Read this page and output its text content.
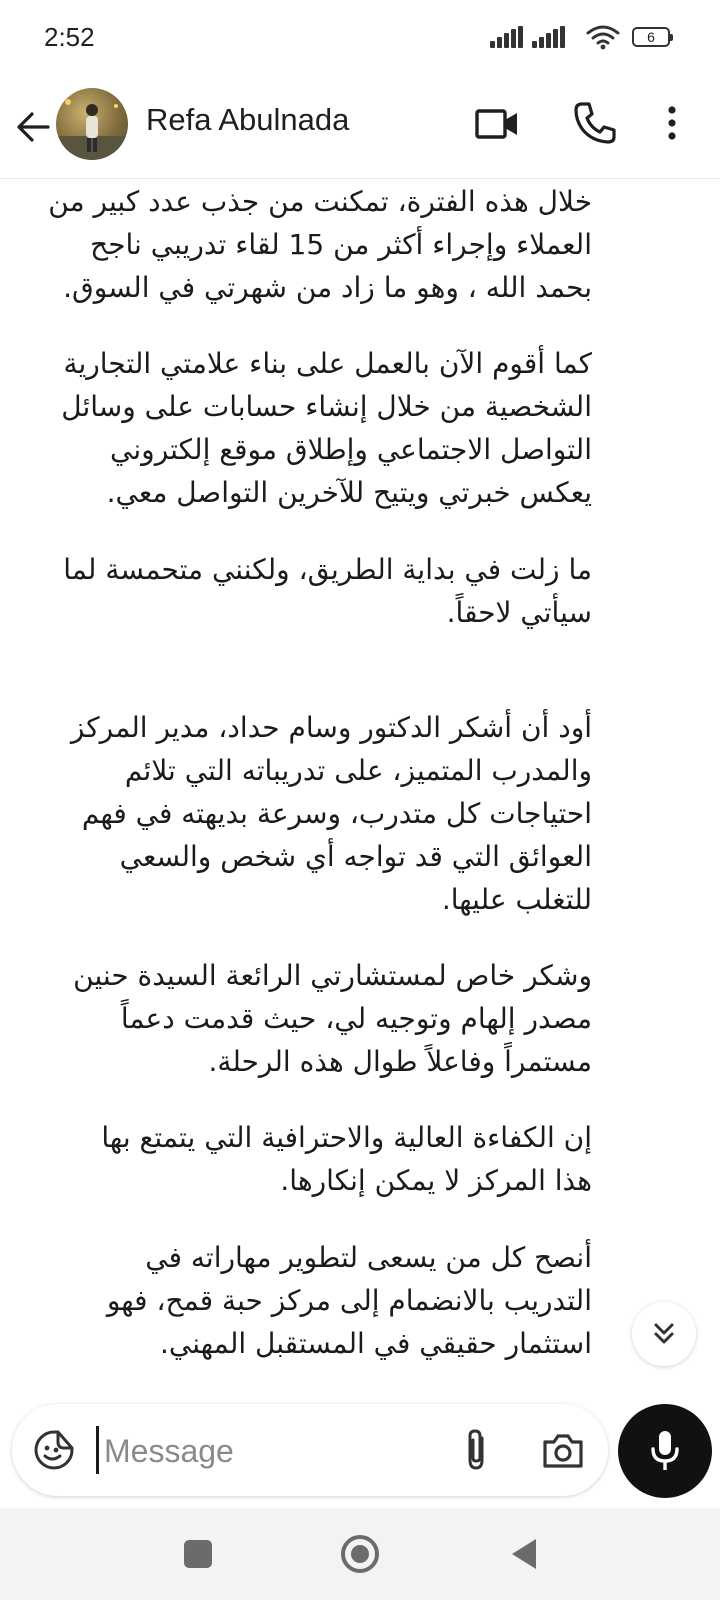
2:52	6
Refa Abulnada
خلال هذه الفترة، تمكنت من جذب عدد كبير من
العملاء وإجراء أكثر من 15 لقاء تدريبي ناجح
بحمد الله ، وهو ما زاد من شهرتي في السوق.
كما أقوم الآن بالعمل على بناء علامتي التجارية
الشخصية من خلال إنشاء حسابات على وسائل
التواصل الاجتماعي وإطلاق موقع إلكتروني
يعكس خبرتي ويتيح للآخرين التواصل معي.
ما زلت في بداية الطريق، ولكنني متحمسة لما
سيأتي لاحقاً.
أود أن أشكر الدكتور وسام حداد، مدير المركز
والمدرب المتميز، على تدريباته التي تلائم
احتياجات كل متدرب، وسرعة بديهته في فهم
العوائق التي قد تواجه أي شخص والسعي
للتغلب عليها.
وشكر خاص لمستشارتي الرائعة السيدة حنين
مصدر إلهام وتوجيه لي، حيث قدمت دعماً
مستمراً وفاعلاً طوال هذه الرحلة.
إن الكفاءة العالية والاحترافية التي يتمتع بها
هذا المركز لا يمكن إنكارها.
أنصح كل من يسعى لتطوير مهاراته في
التدريب بالانضمام إلى مركز حبة قمح، فهو
استثمار حقيقي في المستقبل المهني.
Message
